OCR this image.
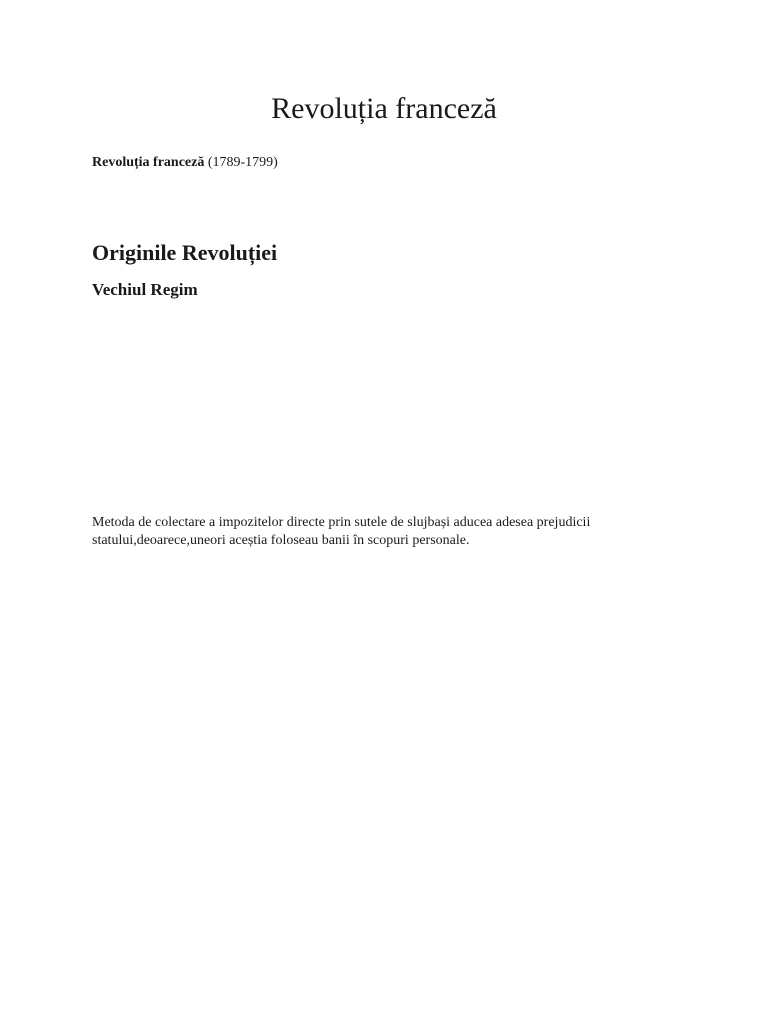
Revoluția franceză

Revoluția franceză (1789-1799)

Originile Revoluției
Vechiul Regim

Metoda de colectare a impozitelor directe prin sutele de slujbași aducea adesea prejudicii statului,deoarece,uneori aceștia foloseau banii în scopuri personale.
